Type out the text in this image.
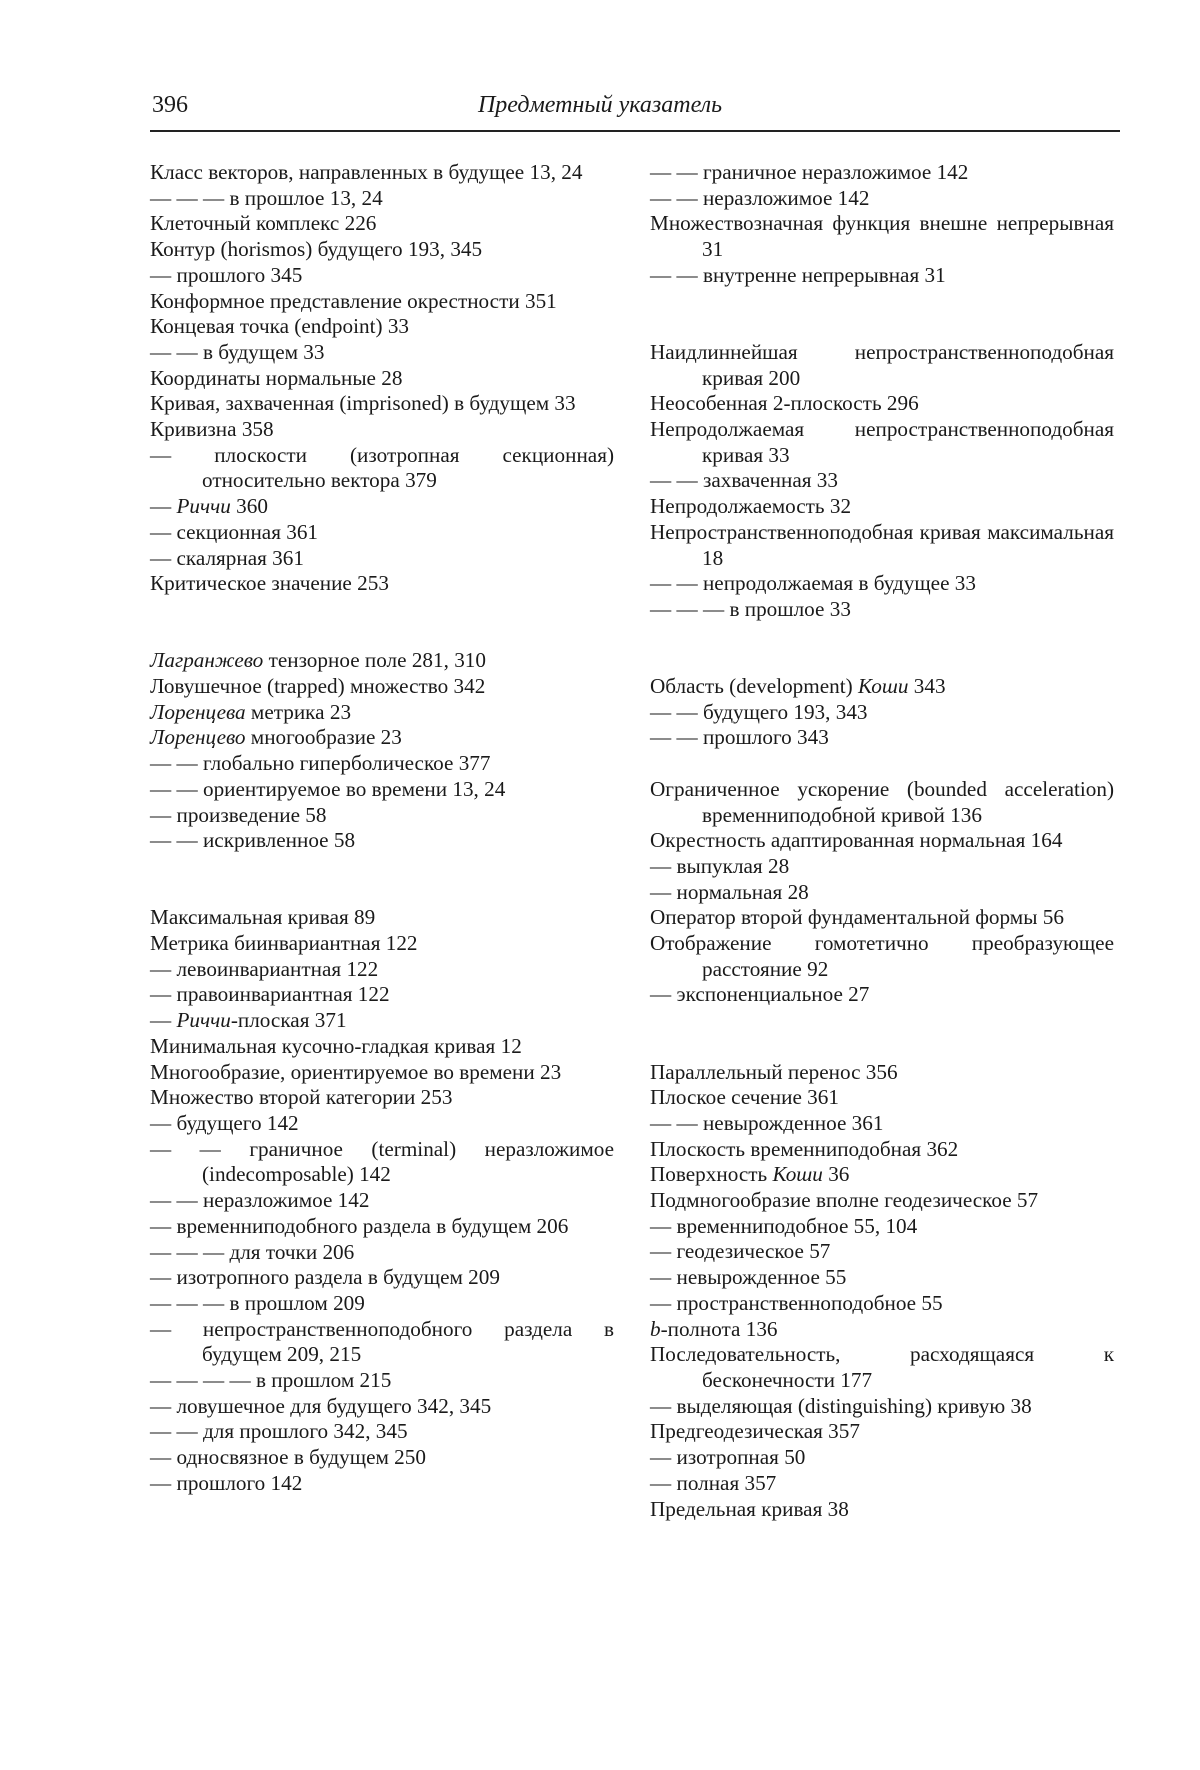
396	Предметный указатель
Класс векторов, направленных в будущее 13, 24
— — — в прошлое 13, 24
Клеточный комплекс 226
Контур (horismos) будущего 193, 345
— прошлого 345
Конформное представление окрестности 351
Концевая точка (endpoint) 33
— — в будущем 33
Координаты нормальные 28
Кривая, захваченная (imprisoned) в будущем 33
Кривизна 358
— плоскости (изотропная секционная) относительно вектора 379
— Риччи 360
— секционная 361
— скалярная 361
Критическое значение 253
Лагранжево тензорное поле 281, 310
Ловушечное (trapped) множество 342
Лоренцева метрика 23
Лоренцево многообразие 23
— — глобально гиперболическое 377
— — ориентируемое во времени 13, 24
— произведение 58
— — искривленное 58
Максимальная кривая 89
Метрика биинвариантная 122
— левоинвариантная 122
— правоинвариантная 122
— Риччи-плоская 371
Минимальная кусочно-гладкая кривая 12
Многообразие, ориентируемое во времени 23
Множество второй категории 253
— будущего 142
— — граничное (terminal) неразложимое (indecomposable) 142
— — неразложимое 142
— временниподобного раздела в будущем 206
— — — для точки 206
— изотропного раздела в будущем 209
— — — в прошлом 209
— непространственноподобного раздела в будущем 209, 215
— — — — в прошлом 215
— ловушечное для будущего 342, 345
— — для прошлого 342, 345
— односвязное в будущем 250
— прошлого 142
— — граничное неразложимое 142
— — неразложимое 142
Множествозначная функция внешне непрерывная 31
— — внутренне непрерывная 31
Наидлиннейшая непространственноподобная кривая 200
Неособенная 2-плоскость 296
Непродолжаемая непространственноподобная кривая 33
— — захваченная 33
Непродолжаемость 32
Непространственноподобная кривая максимальная 18
— — непродолжаемая в будущее 33
— — — в прошлое 33
Область (development) Коши 343
— — будущего 193, 343
— — прошлого 343
Ограниченное ускорение (bounded acceleration) временниподобной кривой 136
Окрестность адаптированная нормальная 164
— выпуклая 28
— нормальная 28
Оператор второй фундаментальной формы 56
Отображение гомотетично преобразующее расстояние 92
— экспоненциальное 27
Параллельный перенос 356
Плоское сечение 361
— — невырожденное 361
Плоскость временниподобная 362
Поверхность Коши 36
Подмногообразие вполне геодезическое 57
— временниподобное 55, 104
— геодезическое 57
— невырожденное 55
— пространственноподобное 55
b-полнота 136
Последовательность, расходящаяся к бесконечности 177
— выделяющая (distinguishing) кривую 38
Предгеодезическая 357
— изотропная 50
— полная 357
Предельная кривая 38
